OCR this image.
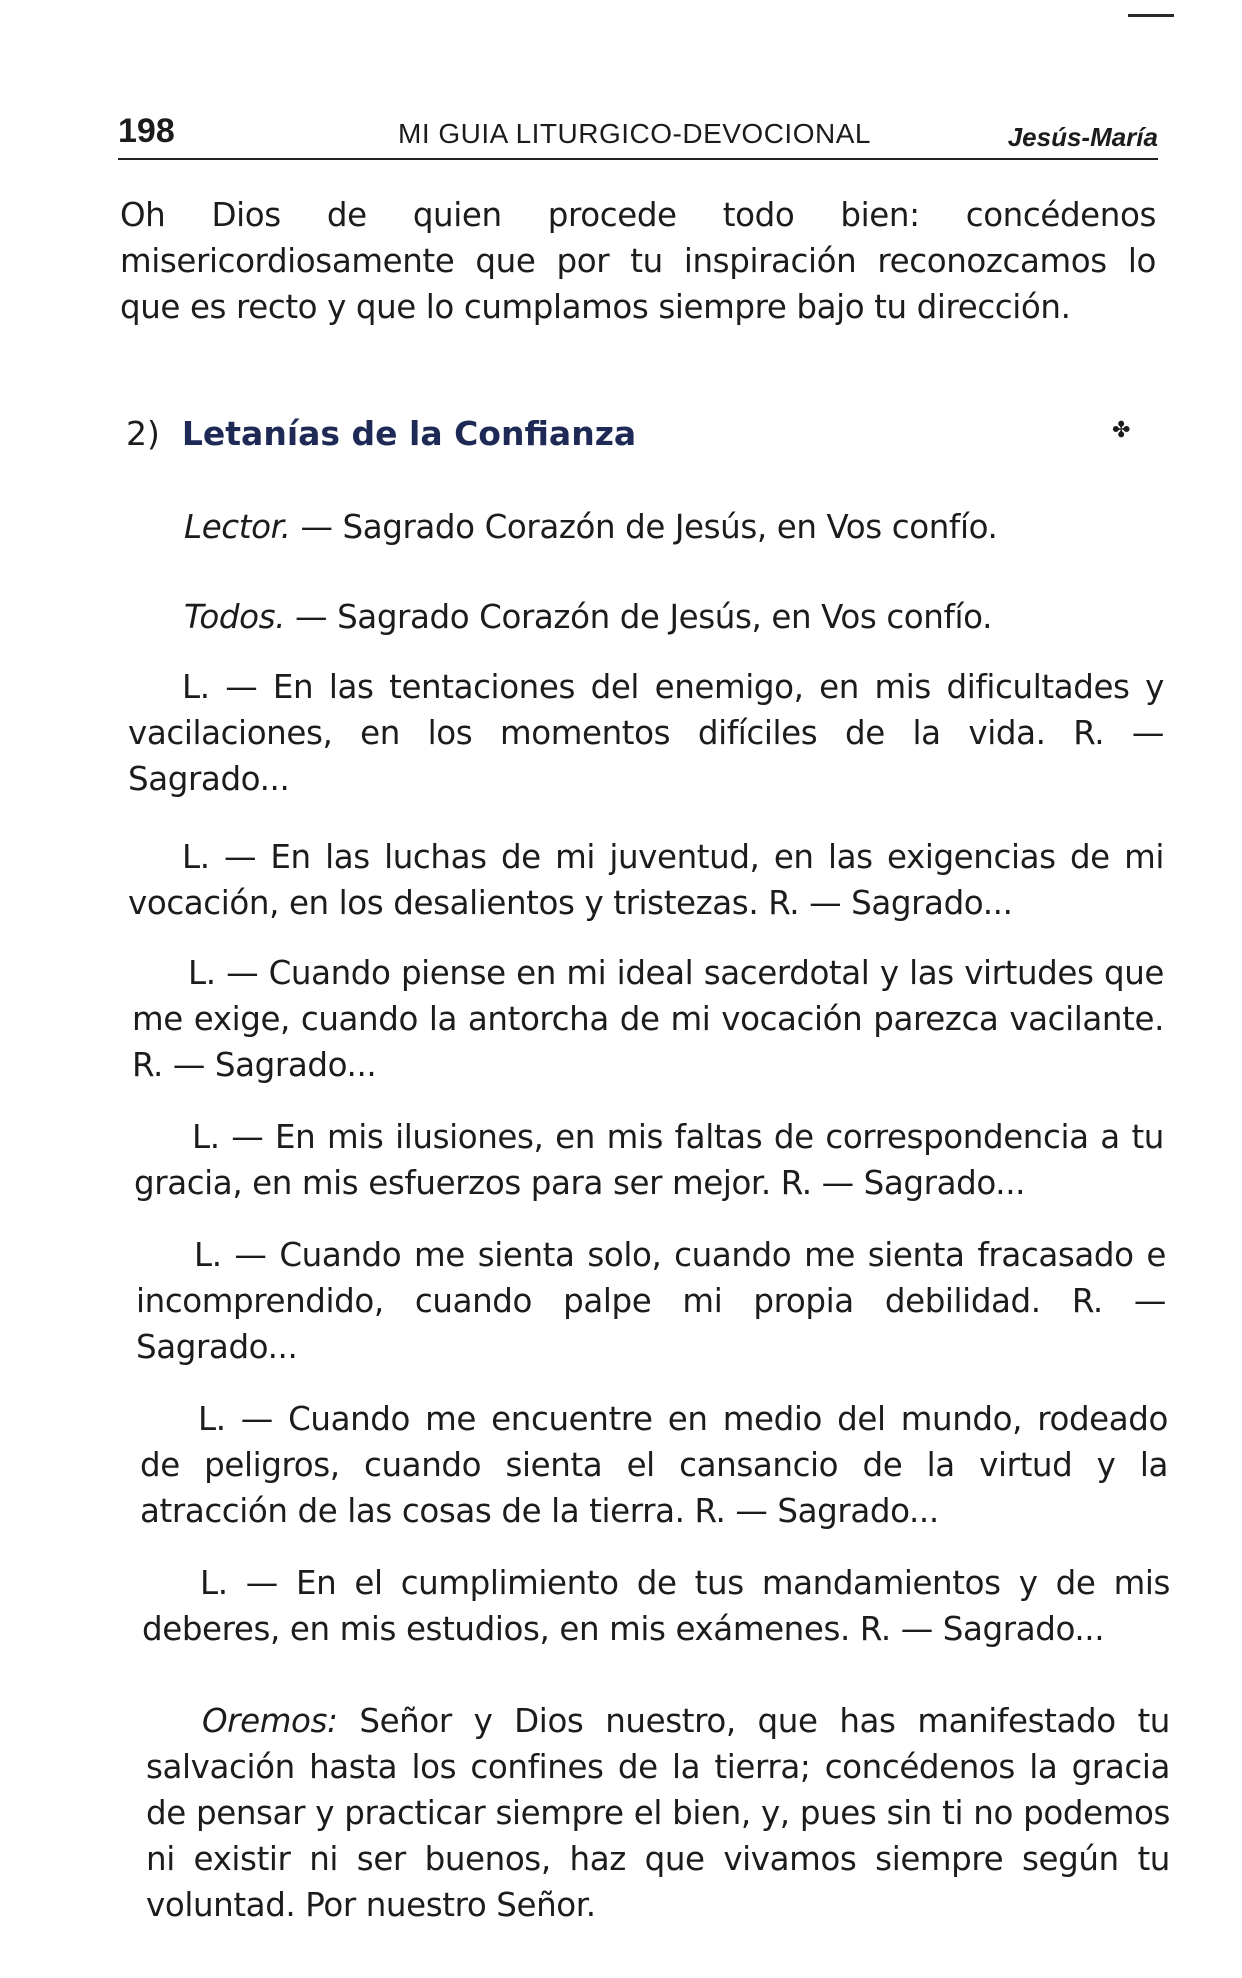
198	MI GUIA LITURGICO-DEVOCIONAL	Jesús-María

Oh Dios de quien procede todo bien: concédenos misericordiosamente que por tu inspiración reconozcamos lo que es recto y que lo cumplamos siempre bajo tu dirección.

2) Letanías de la Confianza	✤

Lector. — Sagrado Corazón de Jesús, en Vos confío.

Todos. — Sagrado Corazón de Jesús, en Vos confío.

L. — En las tentaciones del enemigo, en mis dificultades y vacilaciones, en los momentos difíciles de la vida. R. — Sagrado...

L. — En las luchas de mi juventud, en las exigencias de mi vocación, en los desalientos y tristezas. R. — Sagrado...

L. — Cuando piense en mi ideal sacerdotal y las virtudes que me exige, cuando la antorcha de mi vocación parezca vacilante. R. — Sagrado...

L. — En mis ilusiones, en mis faltas de correspondencia a tu gracia, en mis esfuerzos para ser mejor. R. — Sagrado...

L. — Cuando me sienta solo, cuando me sienta fracasado e incomprendido, cuando palpe mi propia debilidad. R. — Sagrado...

L. — Cuando me encuentre en medio del mundo, rodeado de peligros, cuando sienta el cansancio de la virtud y la atracción de las cosas de la tierra. R. — Sagrado...

L. — En el cumplimiento de tus mandamientos y de mis deberes, en mis estudios, en mis exámenes. R. — Sagrado...

Oremos: Señor y Dios nuestro, que has manifestado tu salvación hasta los confines de la tierra; concédenos la gracia de pensar y practicar siempre el bien, y, pues sin ti no podemos ni existir ni ser buenos, haz que vivamos siempre según tu voluntad. Por nuestro Señor.
